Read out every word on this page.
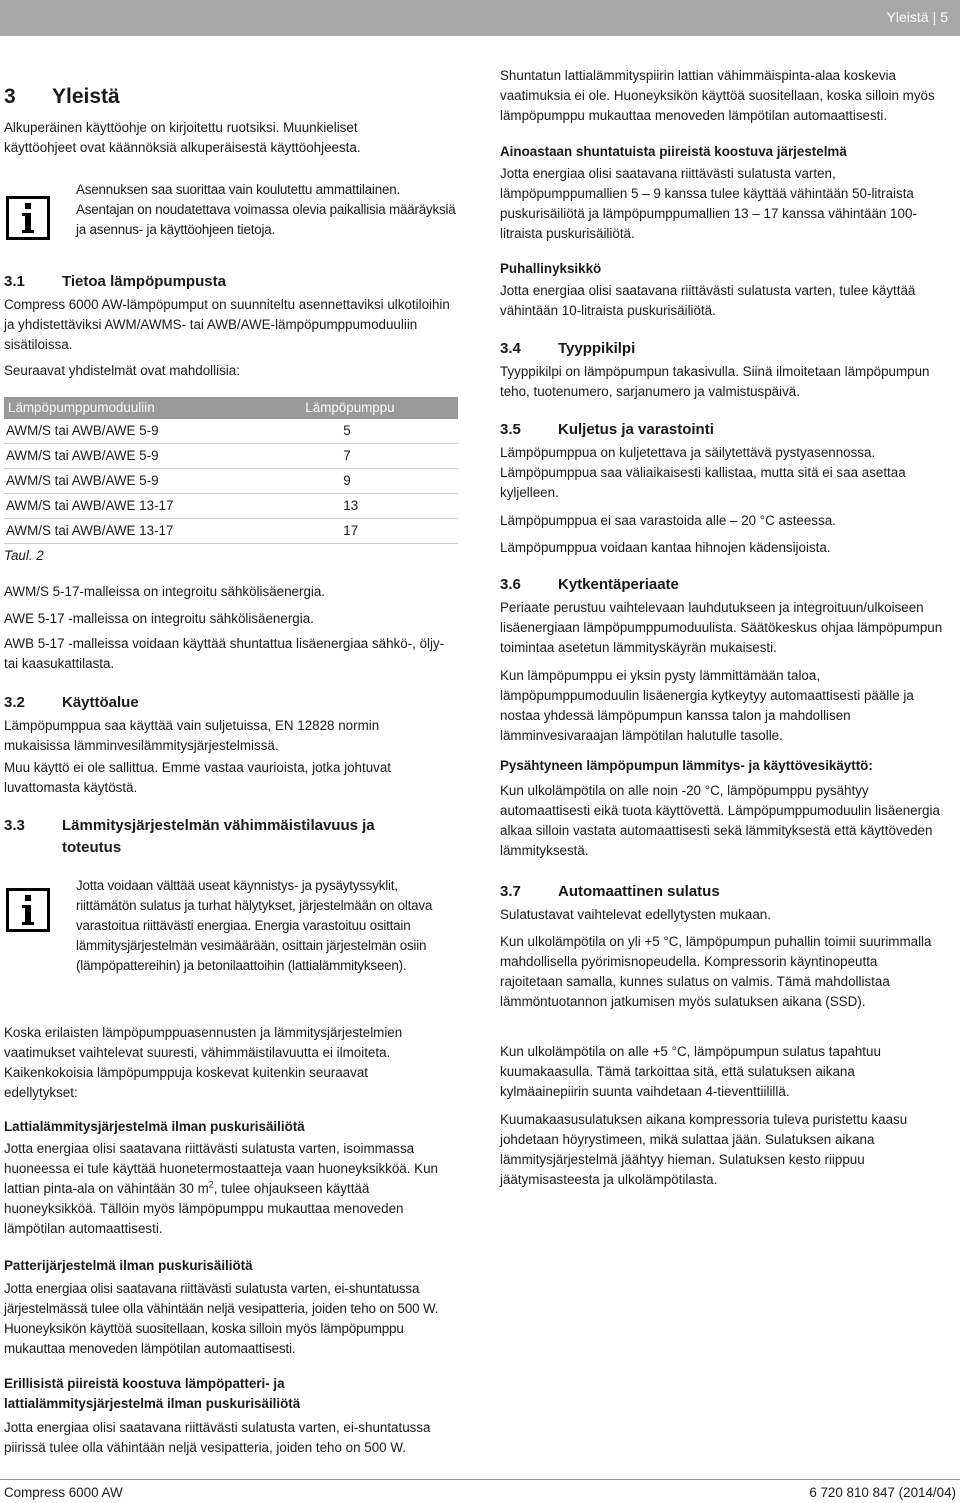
Yleistä | 5
3 Yleistä

Alkuperäinen käyttöohje on kirjoitettu ruotsiksi. Muunkieliset käyttöohjeet ovat käännöksiä alkuperäisestä käyttöohjeesta.

Asennuksen saa suorittaa vain koulutettu ammattilainen. Asentajan on noudatettava voimassa olevia paikallisia määräyksiä ja asennus- ja käyttöohjeen tietoja.

3.1 Tietoa lämpöpumpusta

Compress 6000 AW-lämpöpumput on suunniteltu asennettaviksi ulkotiloihin ja yhdistettäviksi AWM/AWMS- tai AWB/AWE-lämpöpumppumoduuliin sisätiloissa.

Seuraavat yhdistelmät ovat mahdollisia:

Lämpöpumppumoduuliin	Lämpöpumppu
AWM/S tai AWB/AWE 5-9	5
AWM/S tai AWB/AWE 5-9	7
AWM/S tai AWB/AWE 5-9	9
AWM/S tai AWB/AWE 13-17	13
AWM/S tai AWB/AWE 13-17	17

Taul. 2

AWM/S 5-17-malleissa on integroitu sähkölisäenergia.

AWE 5-17 -malleissa on integroitu sähkölisäenergia.

AWB 5-17 -malleissa voidaan käyttää shuntattua lisäenergiaa sähkö-, öljy- tai kaasukattilasta.

3.2 Käyttöalue

Lämpöpumppua saa käyttää vain suljetuissa, EN 12828 normin mukaisissa lämminvesilämmitysjärjestelmissä.

Muu käyttö ei ole sallittua. Emme vastaa vaurioista, jotka johtuvat luvattomasta käytöstä.

3.3 Lämmitysjärjestelmän vähimmäistilavuus ja toteutus

Jotta voidaan välttää useat käynnistys- ja pysäytyssyklit, riittämätön sulatus ja turhat hälytykset, järjestelmään on oltava varastoitua riittävästi energiaa. Energia varastoituu osittain lämmitysjärjestelmän vesimäärään, osittain järjestelmän osiin (lämpöpattereihin) ja betonilaattoihin (lattialämmitykseen).

Koska erilaisten lämpöpumppuasennusten ja lämmitysjärjestelmien vaatimukset vaihtelevat suuresti, vähimmäistilavuutta ei ilmoiteta. Kaikenkokoisia lämpöpumppuja koskevat kuitenkin seuraavat edellytykset:

Lattialämmitysjärjestelmä ilman puskurisäiliötä

Jotta energiaa olisi saatavana riittävästi sulatusta varten, isoimmassa huoneessa ei tule käyttää huonetermostaatteja vaan huoneyksikköä. Kun lattian pinta-ala on vähintään 30 $m^2$, tulee ohjaukseen käyttää huoneyksikköä. Tällöin myös lämpöpumppu mukauttaa menoveden lämpötilan automaattisesti.

Patterijärjestelmä ilman puskurisäiliötä

Jotta energiaa olisi saatavana riittävästi sulatusta varten, ei-shuntatussa järjestelmässä tulee olla vähintään neljä vesipatteria, joiden teho on 500 W. Huoneyksikön käyttöä suositellaan, koska silloin myös lämpöpumppu mukauttaa menoveden lämpötilan automaattisesti.

Erillisistä piireistä koostuva lämpöpatteri- ja lattialämmitysjärjestelmä ilman puskurisäiliötä

Jotta energiaa olisi saatavana riittävästi sulatusta varten, ei-shuntatussa piirissä tulee olla vähintään neljä vesipatteria, joiden teho on 500 W.

Shuntatun lattialämmityspiirin lattian vähimmäispinta-alaa koskevia vaatimuksia ei ole. Huoneyksikön käyttöä suositellaan, koska silloin myös lämpöpumppu mukauttaa menoveden lämpötilan automaattisesti.

Ainoastaan shuntatuista piireistä koostuva järjestelmä

Jotta energiaa olisi saatavana riittävästi sulatusta varten, lämpöpumppumallien 5 – 9 kanssa tulee käyttää vähintään 50-litraista puskurisäiliötä ja lämpöpumppumallien 13 – 17 kanssa vähintään 100-litraista puskurisäiliötä.

Puhallinyksikkö

Jotta energiaa olisi saatavana riittävästi sulatusta varten, tulee käyttää vähintään 10-litraista puskurisäiliötä.

3.4 Tyyppikilpi

Tyyppikilpi on lämpöpumpun takasivulla. Siinä ilmoitetaan lämpöpumpun teho, tuotenumero, sarjanumero ja valmistuspäivä.

3.5 Kuljetus ja varastointi

Lämpöpumppua on kuljetettava ja säilytettävä pystyasennossa. Lämpöpumppua saa väliaikaisesti kallistaa, mutta sitä ei saa asettaa kyljelleen.

Lämpöpumppua ei saa varastoida alle – 20 °C asteessa.

Lämpöpumppua voidaan kantaa hihnojen kädensijoista.

3.6 Kytkentäperiaate

Periaate perustuu vaihtelevaan lauhdutukseen ja integroituun/ulkoiseen lisäenergiaan lämpöpumppumoduulista. Säätökeskus ohjaa lämpöpumpun toimintaa asetetun lämmityskäyrän mukaisesti.

Kun lämpöpumppu ei yksin pysty lämmittämään taloa, lämpöpumppumoduulin lisäenergia kytkeytyy automaattisesti päälle ja nostaa yhdessä lämpöpumpun kanssa talon ja mahdollisen lämminvesivaraajan lämpötilan halutulle tasolle.

Pysähtyneen lämpöpumpun lämmitys- ja käyttövesikäyttö:

Kun ulkolämpötila on alle noin -20 °C, lämpöpumppu pysähtyy automaattisesti eikä tuota käyttövettä. Lämpöpumppumoduulin lisäenergia alkaa silloin vastata automaattisesti sekä lämmityksestä että käyttöveden lämmityksestä.

3.7 Automaattinen sulatus

Sulatustavat vaihtelevat edellytysten mukaan.

Kun ulkolämpötila on yli +5 °C, lämpöpumpun puhallin toimii suurimmalla mahdollisella pyörimisnopeudella. Kompressorin käyntinopeutta rajoitetaan samalla, kunnes sulatus on valmis. Tämä mahdollistaa lämmöntuotannon jatkumisen myös sulatuksen aikana (SSD).

Kun ulkolämpötila on alle +5 °C, lämpöpumpun sulatus tapahtuu kuumakaasulla. Tämä tarkoittaa sitä, että sulatuksen aikana kylmäainepiirin suunta vaihdetaan 4-tieventtiilillä.

Kuumakaasusulatuksen aikana kompressoria tuleva puristettu kaasu johdetaan höyrystimeen, mikä sulattaa jään. Sulatuksen aikana lämmitysjärjestelmä jäähtyy hieman. Sulatuksen kesto riippuu jäätymisasteesta ja ulkolämpötilasta.

Compress 6000 AW	6 720 810 847 (2014/04)
